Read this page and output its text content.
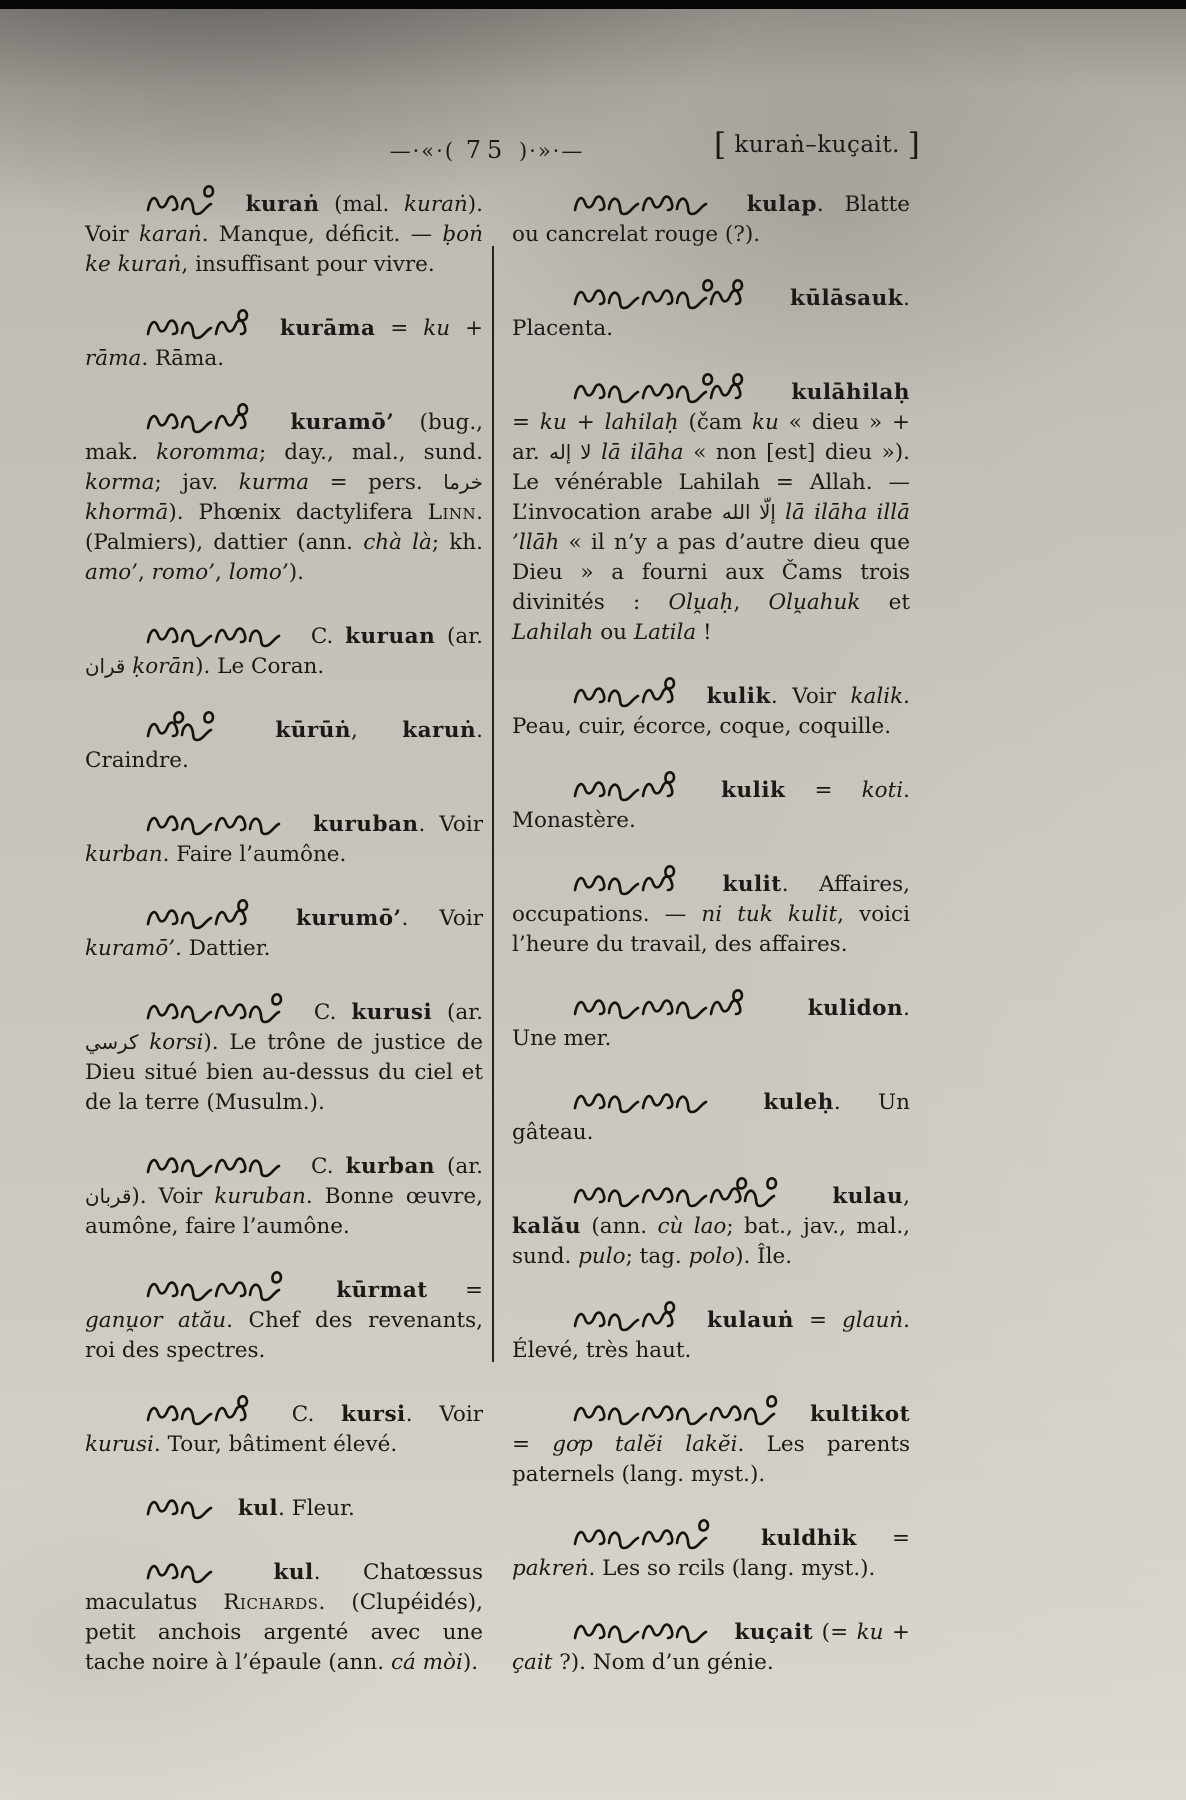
—·«·( 75 )·»·—	[ kuraṅ–kuçait. ]

kuraṅ (mal. kuraṅ). Voir karaṅ. Manque, déficit. — ḅoṅ ke kuraṅ, insuffisant pour vivre.

kurāma = ku + rāma. Rāma.

kuramō’ (bug., mak. koromma; day., mal., sund. korma; jav. kurma = pers. خرما khormā). Phœnix dactylifera Linn. (Palmiers), dattier (ann. chà là; kh. amo’, romo’, lomo’).

C. kuruan (ar. قران ḳorān). Le Coran.

kūrūṅ, karuṅ. Craindre.

kuruban. Voir kurban. Faire l’aumône.

kurumō’. Voir kuramō’. Dattier.

C. kurusi (ar. كرسي korsi). Le trône de justice de Dieu situé bien au-dessus du ciel et de la terre (Musulm.).

C. kurban (ar. قربان). Voir kuruban. Bonne œuvre, aumône, faire l’aumône.

kūrmat = ganu̯or atău. Chef des revenants, roi des spectres.

C. kursi. Voir kurusi. Tour, bâtiment élevé.

kul. Fleur.

kul. Chatœssus maculatus Richards. (Clupéidés), petit anchois argenté avec une tache noire à l’épaule (ann. cá mòi).

kulap. Blatte ou cancrelat rouge (?).

kūlāsauk. Placenta.

kulāhilaḥ = ku + lahilaḥ (čam ku « dieu » + ar. لا إله lā ilāha « non [est] dieu »). Le vénérable Lahilah = Allah. — L’invocation arabe إلّا الله lā ilāha illā ’llāh « il n’y a pas d’autre dieu que Dieu » a fourni aux Čams trois divinités : Olu̯aḥ, Olu̯ahuk et Lahilah ou Latila !

kulik. Voir kalik. Peau, cuir, écorce, coque, coquille.

kulik = koti. Monastère.

kulit. Affaires, occupations. — ni tuk kulit, voici l’heure du travail, des affaires.

kulidon. Une mer.

kuleḥ. Un gâteau.

kulau, kalău (ann. cù lao; bat., jav., mal., sund. pulo; tag. polo). Île.

kulauṅ = glauṅ. Élevé, très haut.

kultikot = gơp talĕi lakĕi. Les parents paternels (lang. myst.).

kuldhik = pakreṅ. Les so rcils (lang. myst.).

kuçait (= ku + çait ?). Nom d’un génie.
